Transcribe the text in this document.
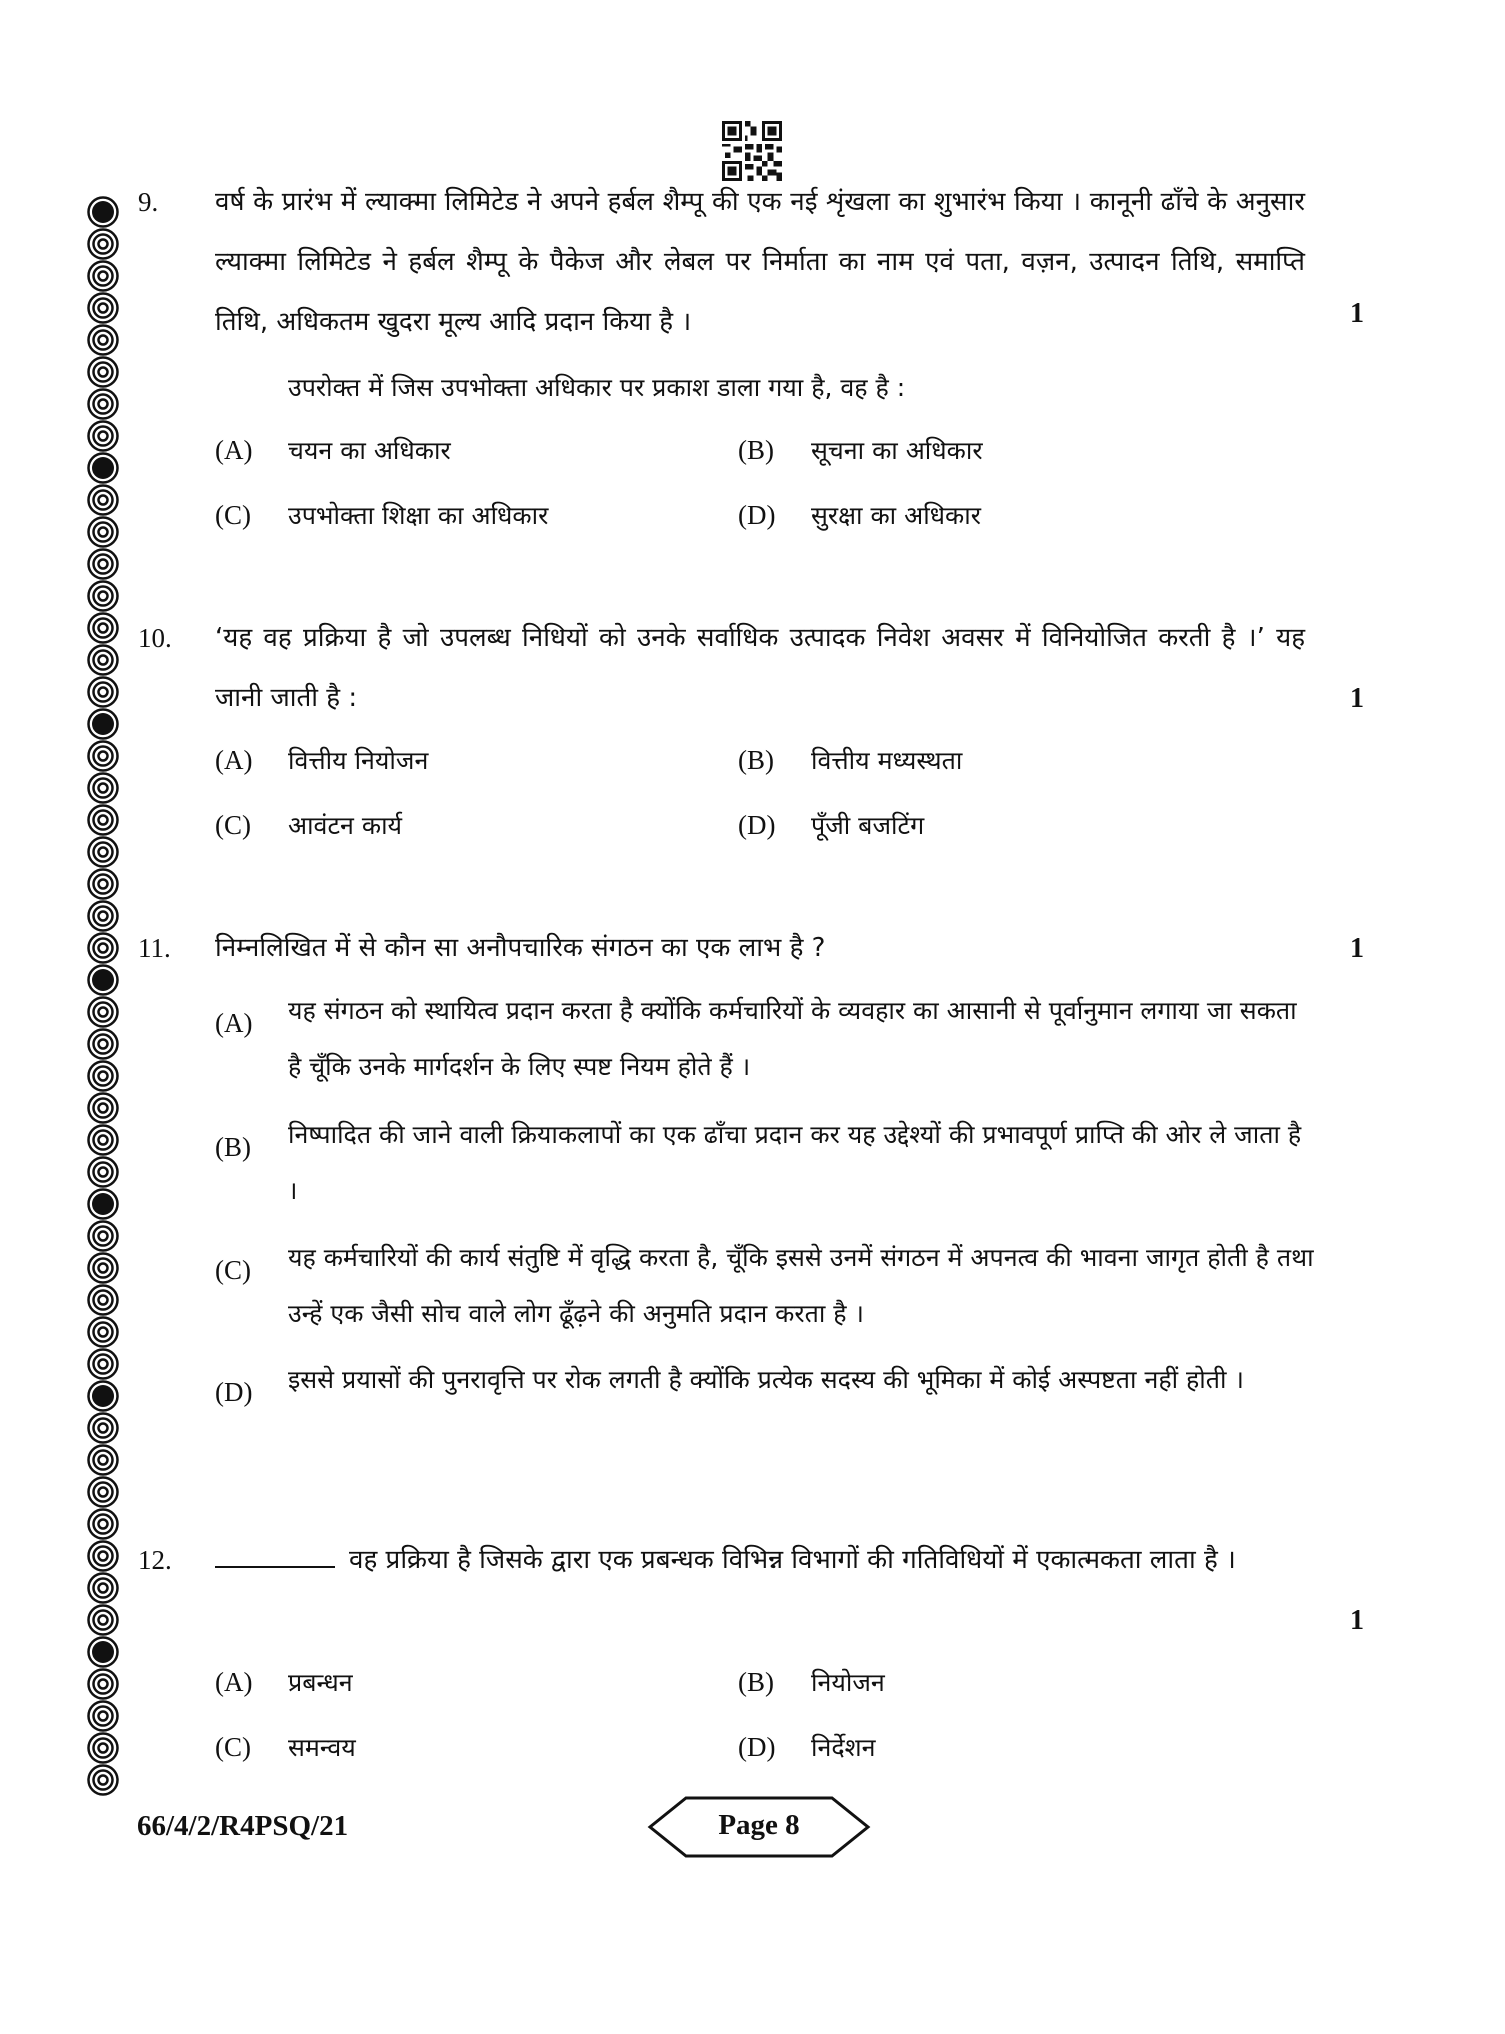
9. वर्ष के प्रारंभ में ल्याक्मा लिमिटेड ने अपने हर्बल शैम्पू की एक नई शृंखला का शुभारंभ किया । कानूनी ढाँचे के अनुसार ल्याक्मा लिमिटेड ने हर्बल शैम्पू के पैकेज और लेबल पर निर्माता का नाम एवं पता, वज़न, उत्पादन तिथि, समाप्ति तिथि, अधिकतम खुदरा मूल्य आदि प्रदान किया है ।	1
उपरोक्त में जिस उपभोक्ता अधिकार पर प्रकाश डाला गया है, वह है :
(A) चयन का अधिकार	(B) सूचना का अधिकार
(C) उपभोक्ता शिक्षा का अधिकार	(D) सुरक्षा का अधिकार
10. ‘यह वह प्रक्रिया है जो उपलब्ध निधियों को उनके सर्वाधिक उत्पादक निवेश अवसर में विनियोजित करती है ।’ यह जानी जाती है :	1
(A) वित्तीय नियोजन	(B) वित्तीय मध्यस्थता
(C) आवंटन कार्य	(D) पूँजी बजटिंग
11. निम्नलिखित में से कौन सा अनौपचारिक संगठन का एक लाभ है ?	1
(A) यह संगठन को स्थायित्व प्रदान करता है क्योंकि कर्मचारियों के व्यवहार का आसानी से पूर्वानुमान लगाया जा सकता है चूँकि उनके मार्गदर्शन के लिए स्पष्ट नियम होते हैं ।
(B) निष्पादित की जाने वाली क्रियाकलापों का एक ढाँचा प्रदान कर यह उद्देश्यों की प्रभावपूर्ण प्राप्ति की ओर ले जाता है ।
(C) यह कर्मचारियों की कार्य संतुष्टि में वृद्धि करता है, चूँकि इससे उनमें संगठन में अपनत्व की भावना जागृत होती है तथा उन्हें एक जैसी सोच वाले लोग ढूँढ़ने की अनुमति प्रदान करता है ।
(D) इससे प्रयासों की पुनरावृत्ति पर रोक लगती है क्योंकि प्रत्येक सदस्य की भूमिका में कोई अस्पष्टता नहीं होती ।
12.	वह प्रक्रिया है जिसके द्वारा एक प्रबन्धक विभिन्न विभागों की गतिविधियों में एकात्मकता लाता है ।
1
(A) प्रबन्धन	(B) नियोजन
(C) समन्वय	(D) निर्देशन
66/4/2/R4PSQ/21	Page 8
